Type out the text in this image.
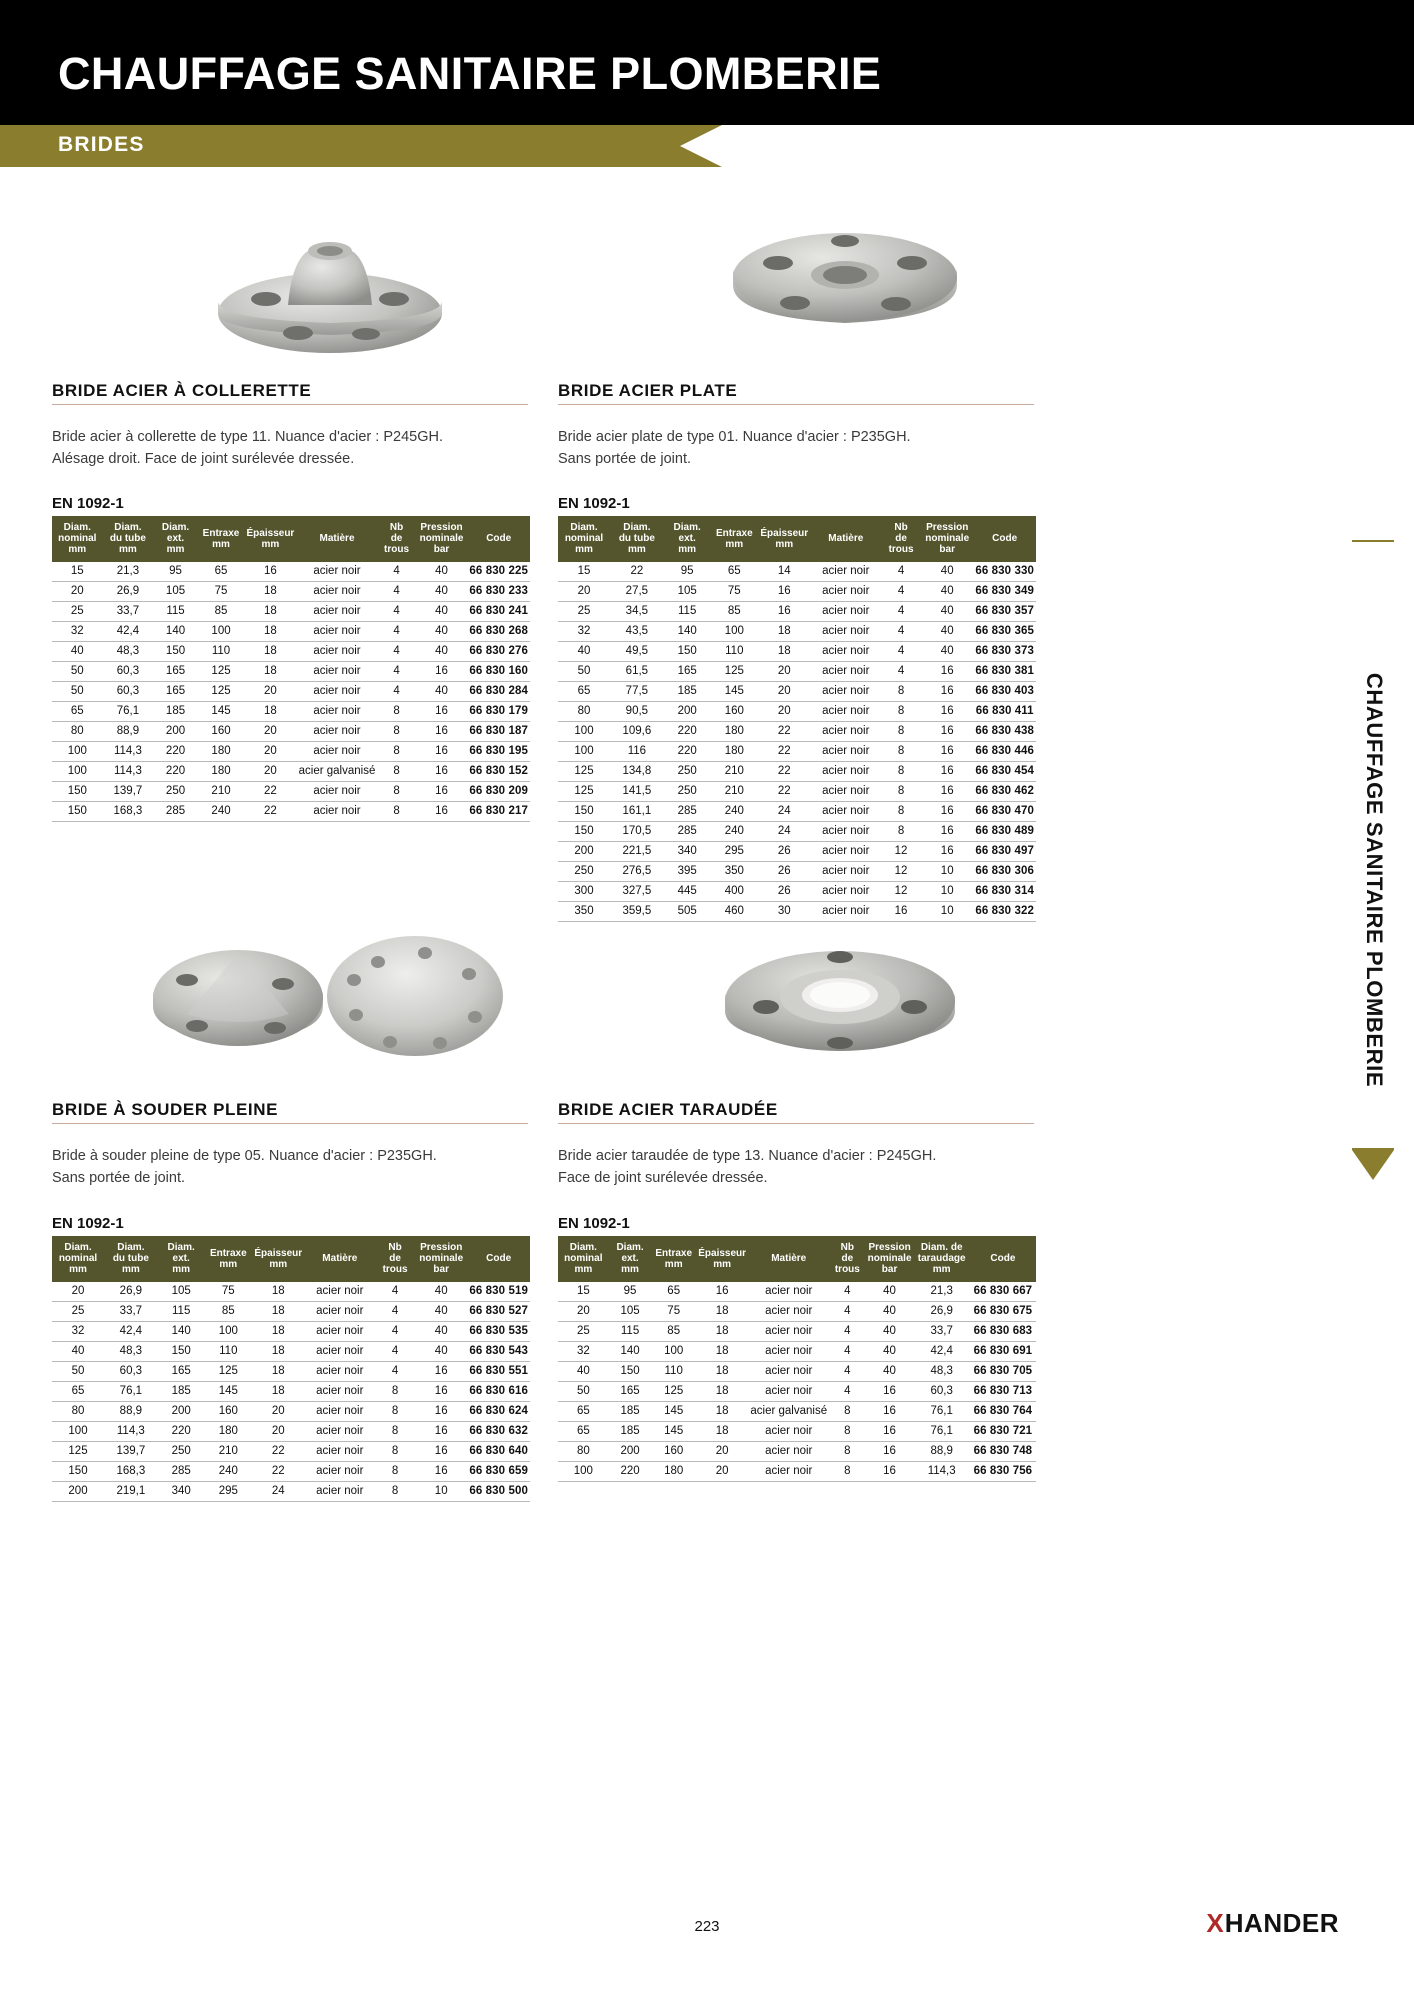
CHAUFFAGE SANITAIRE PLOMBERIE
BRIDES
CHAUFFAGE SANITAIRE PLOMBERIE
BRIDE ACIER À COLLERETTE
Bride acier à collerette de type 11. Nuance d'acier : P245GH.
Alésage droit. Face de joint surélevée dressée.
EN 1092-1
Diam.
nominal
mm	Diam.
du tube
mm	Diam.
ext.
mm	Entraxe
mm	Épaisseur
mm	Matière	Nb
de
trous	Pression
nominale
bar	Code
15	21,3	95	65	16	acier noir	4	40	66 830 225
20	26,9	105	75	18	acier noir	4	40	66 830 233
25	33,7	115	85	18	acier noir	4	40	66 830 241
32	42,4	140	100	18	acier noir	4	40	66 830 268
40	48,3	150	110	18	acier noir	4	40	66 830 276
50	60,3	165	125	18	acier noir	4	16	66 830 160
50	60,3	165	125	20	acier noir	4	40	66 830 284
65	76,1	185	145	18	acier noir	8	16	66 830 179
80	88,9	200	160	20	acier noir	8	16	66 830 187
100	114,3	220	180	20	acier noir	8	16	66 830 195
100	114,3	220	180	20	acier galvanisé	8	16	66 830 152
150	139,7	250	210	22	acier noir	8	16	66 830 209
150	168,3	285	240	22	acier noir	8	16	66 830 217
BRIDE ACIER PLATE
Bride acier plate de type 01. Nuance d'acier : P235GH.
Sans portée de joint.
EN 1092-1
Diam.
nominal
mm	Diam.
du tube
mm	Diam.
ext.
mm	Entraxe
mm	Épaisseur
mm	Matière	Nb
de
trous	Pression
nominale
bar	Code
15	22	95	65	14	acier noir	4	40	66 830 330
20	27,5	105	75	16	acier noir	4	40	66 830 349
25	34,5	115	85	16	acier noir	4	40	66 830 357
32	43,5	140	100	18	acier noir	4	40	66 830 365
40	49,5	150	110	18	acier noir	4	40	66 830 373
50	61,5	165	125	20	acier noir	4	16	66 830 381
65	77,5	185	145	20	acier noir	8	16	66 830 403
80	90,5	200	160	20	acier noir	8	16	66 830 411
100	109,6	220	180	22	acier noir	8	16	66 830 438
100	116	220	180	22	acier noir	8	16	66 830 446
125	134,8	250	210	22	acier noir	8	16	66 830 454
125	141,5	250	210	22	acier noir	8	16	66 830 462
150	161,1	285	240	24	acier noir	8	16	66 830 470
150	170,5	285	240	24	acier noir	8	16	66 830 489
200	221,5	340	295	26	acier noir	12	16	66 830 497
250	276,5	395	350	26	acier noir	12	10	66 830 306
300	327,5	445	400	26	acier noir	12	10	66 830 314
350	359,5	505	460	30	acier noir	16	10	66 830 322
BRIDE À SOUDER PLEINE
Bride à souder pleine de type 05. Nuance d'acier : P235GH.
Sans portée de joint.
EN 1092-1
Diam.
nominal
mm	Diam.
du tube
mm	Diam.
ext.
mm	Entraxe
mm	Épaisseur
mm	Matière	Nb
de
trous	Pression
nominale
bar	Code
20	26,9	105	75	18	acier noir	4	40	66 830 519
25	33,7	115	85	18	acier noir	4	40	66 830 527
32	42,4	140	100	18	acier noir	4	40	66 830 535
40	48,3	150	110	18	acier noir	4	40	66 830 543
50	60,3	165	125	18	acier noir	4	16	66 830 551
65	76,1	185	145	18	acier noir	8	16	66 830 616
80	88,9	200	160	20	acier noir	8	16	66 830 624
100	114,3	220	180	20	acier noir	8	16	66 830 632
125	139,7	250	210	22	acier noir	8	16	66 830 640
150	168,3	285	240	22	acier noir	8	16	66 830 659
200	219,1	340	295	24	acier noir	8	10	66 830 500
BRIDE ACIER TARAUDÉE
Bride acier taraudée de type 13. Nuance d'acier : P245GH.
Face de joint surélevée dressée.
EN 1092-1
Diam.
nominal
mm	Diam.
ext.
mm	Entraxe
mm	Épaisseur
mm	Matière	Nb
de
trous	Pression
nominale
bar	Diam. de
taraudage
mm	Code
15	95	65	16	acier noir	4	40	21,3	66 830 667
20	105	75	18	acier noir	4	40	26,9	66 830 675
25	115	85	18	acier noir	4	40	33,7	66 830 683
32	140	100	18	acier noir	4	40	42,4	66 830 691
40	150	110	18	acier noir	4	40	48,3	66 830 705
50	165	125	18	acier noir	4	16	60,3	66 830 713
65	185	145	18	acier galvanisé	8	16	76,1	66 830 764
65	185	145	18	acier noir	8	16	76,1	66 830 721
80	200	160	20	acier noir	8	16	88,9	66 830 748
100	220	180	20	acier noir	8	16	114,3	66 830 756
223	X HANDER
